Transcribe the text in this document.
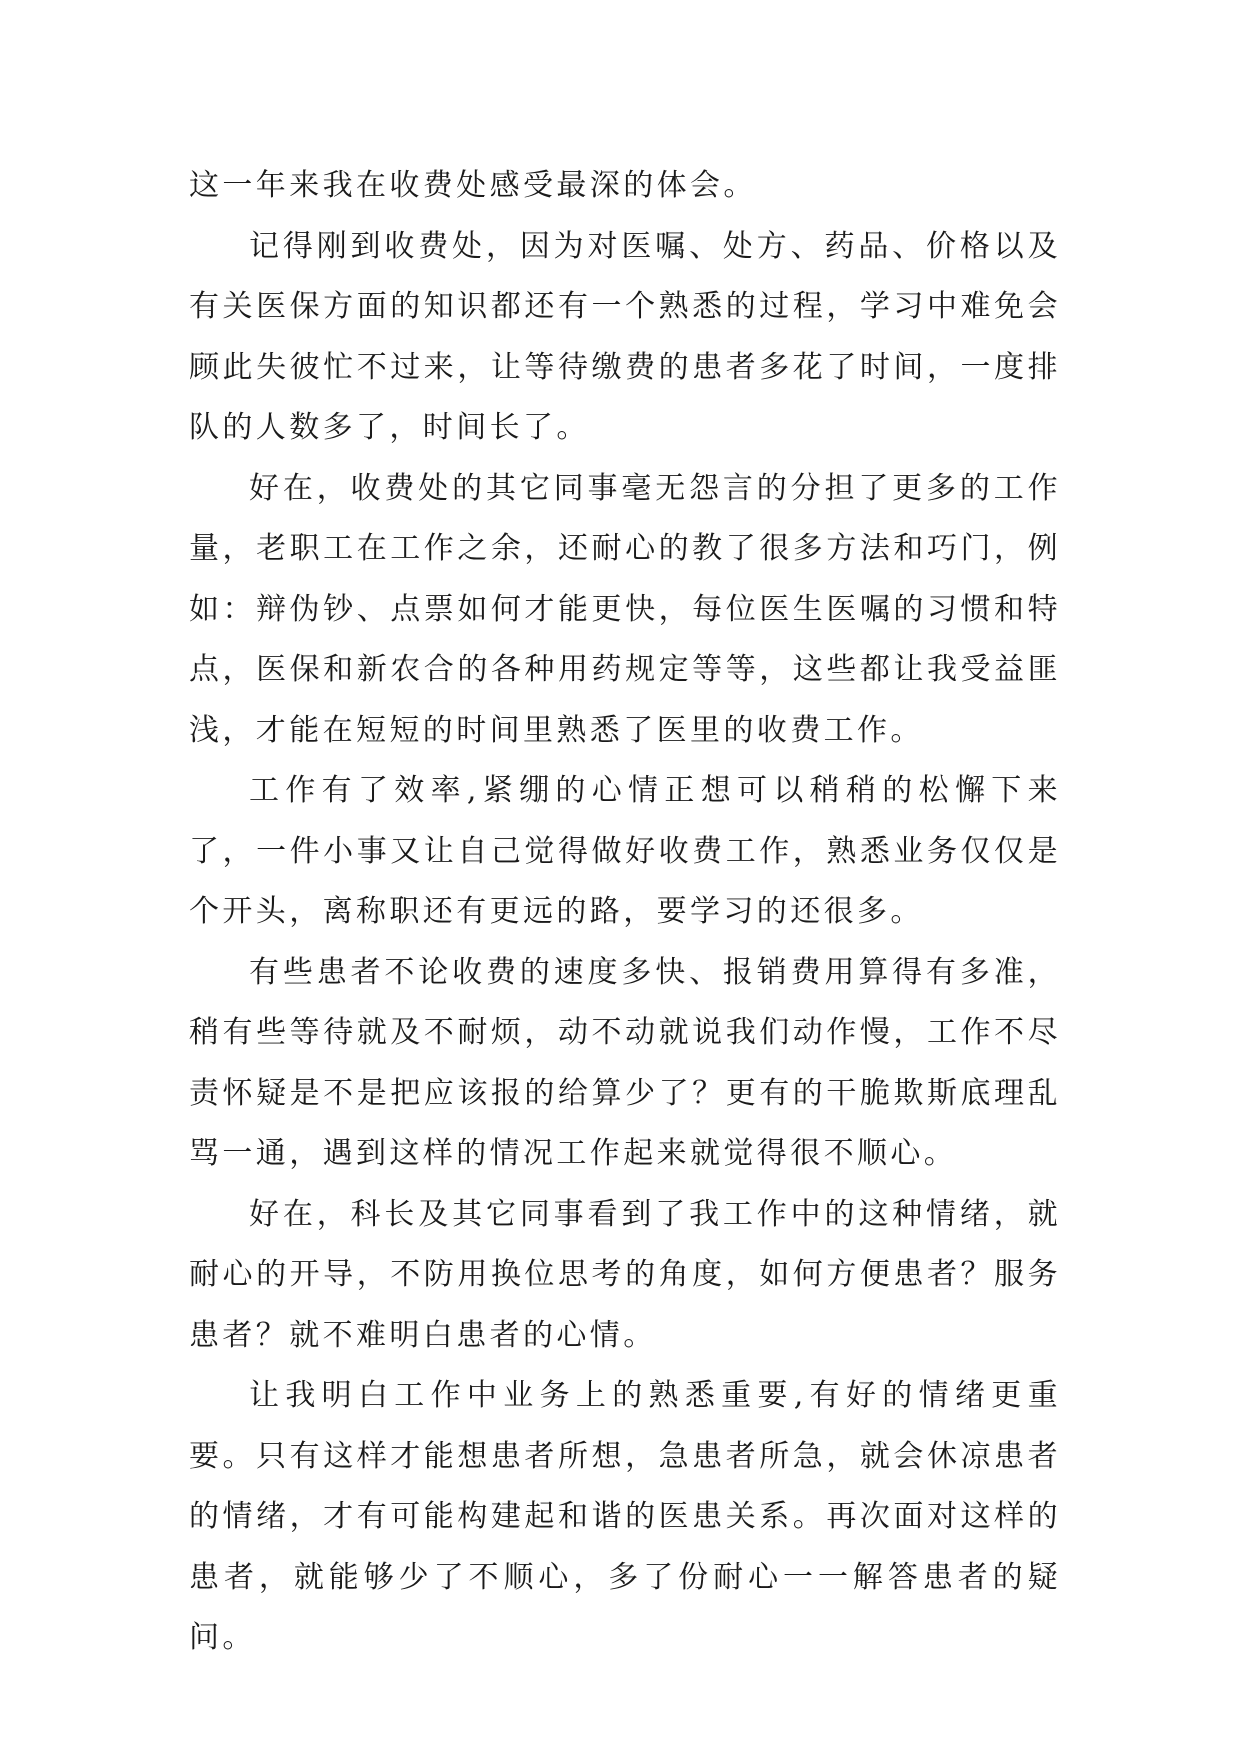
这一年来我在收费处感受最深的体会。

记得刚到收费处，因为对医嘱、处方、药品、价格以及有关医保方面的知识都还有一个熟悉的过程，学习中难免会顾此失彼忙不过来，让等待缴费的患者多花了时间，一度排队的人数多了，时间长了。

好在，收费处的其它同事毫无怨言的分担了更多的工作量，老职工在工作之余，还耐心的教了很多方法和巧门，例如：辩伪钞、点票如何才能更快，每位医生医嘱的习惯和特点，医保和新农合的各种用药规定等等，这些都让我受益匪浅，才能在短短的时间里熟悉了医里的收费工作。

工作有了效率,紧绷的心情正想可以稍稍的松懈下来了，一件小事又让自己觉得做好收费工作，熟悉业务仅仅是个开头，离称职还有更远的路，要学习的还很多。

有些患者不论收费的速度多快、报销费用算得有多准，稍有些等待就及不耐烦，动不动就说我们动作慢，工作不尽责怀疑是不是把应该报的给算少了？更有的干脆欺斯底理乱骂一通，遇到这样的情况工作起来就觉得很不顺心。

好在，科长及其它同事看到了我工作中的这种情绪，就耐心的开导，不防用换位思考的角度，如何方便患者？服务患者？就不难明白患者的心情。

让我明白工作中业务上的熟悉重要,有好的情绪更重要。只有这样才能想患者所想，急患者所急，就会休凉患者的情绪，才有可能构建起和谐的医患关系。再次面对这样的患者，就能够少了不顺心，多了份耐心一一解答患者的疑问。
